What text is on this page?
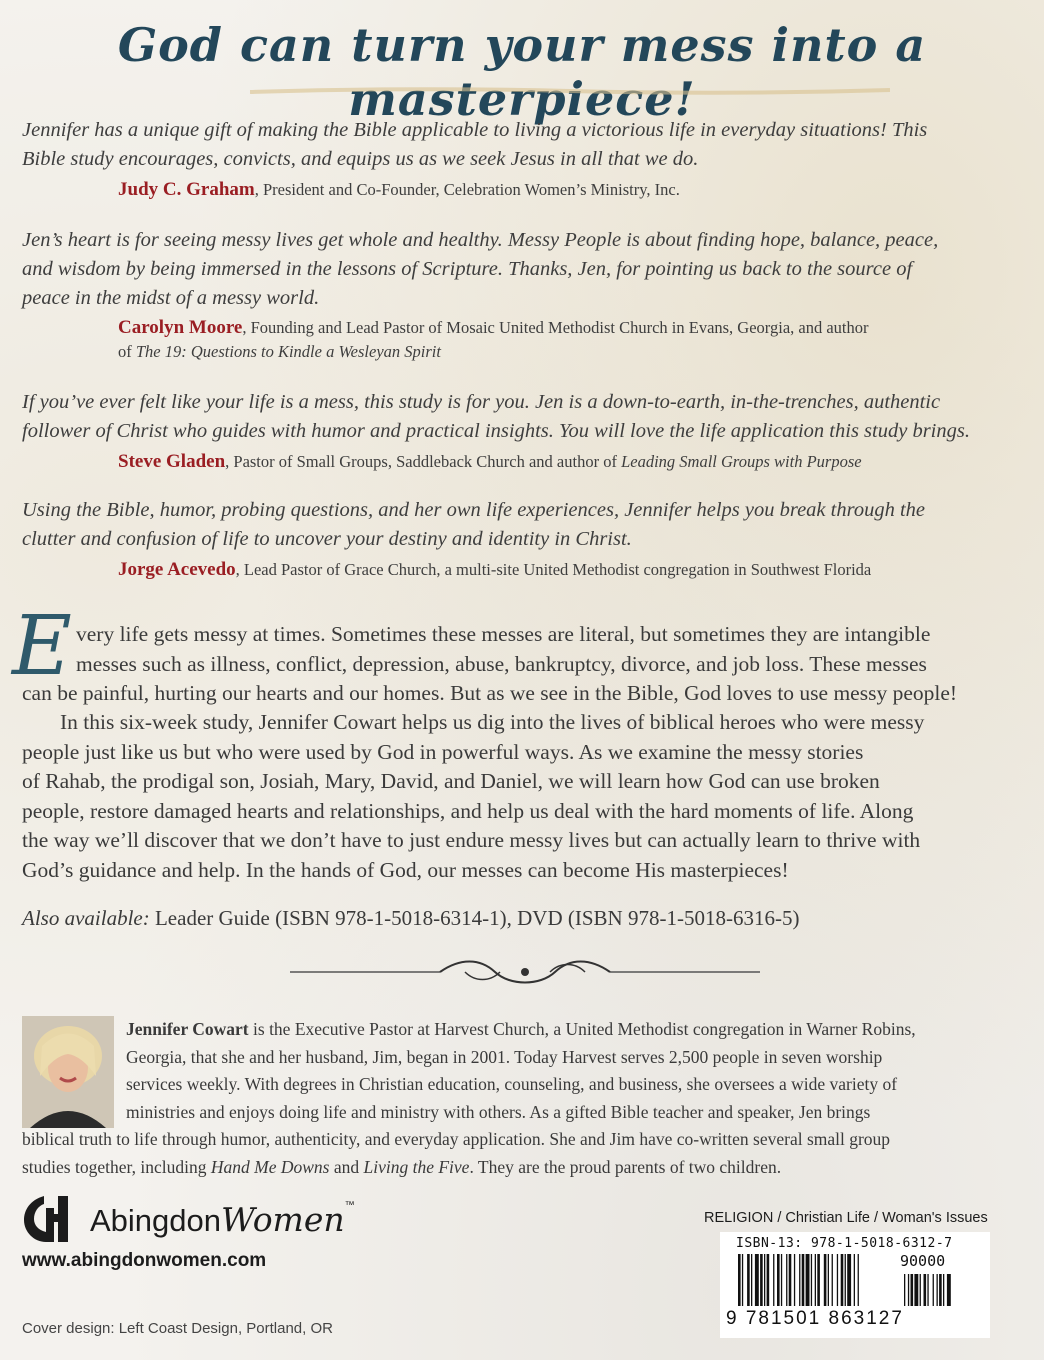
God can turn your mess into a masterpiece!
Jennifer has a unique gift of making the Bible applicable to living a victorious life in everyday situations! This
Bible study encourages, convicts, and equips us as we seek Jesus in all that we do.
Judy C. Graham, President and Co-Founder, Celebration Women’s Ministry, Inc.
Jen’s heart is for seeing messy lives get whole and healthy. Messy People is about finding hope, balance, peace,
and wisdom by being immersed in the lessons of Scripture. Thanks, Jen, for pointing us back to the source of
peace in the midst of a messy world.
Carolyn Moore, Founding and Lead Pastor of Mosaic United Methodist Church in Evans, Georgia, and author
of The 19: Questions to Kindle a Wesleyan Spirit
If you’ve ever felt like your life is a mess, this study is for you. Jen is a down-to-earth, in-the-trenches, authentic
follower of Christ who guides with humor and practical insights. You will love the life application this study brings.
Steve Gladen, Pastor of Small Groups, Saddleback Church and author of Leading Small Groups with Purpose
Using the Bible, humor, probing questions, and her own life experiences, Jennifer helps you break through the
clutter and confusion of life to uncover your destiny and identity in Christ.
Jorge Acevedo, Lead Pastor of Grace Church, a multi-site United Methodist congregation in Southwest Florida
E very life gets messy at times. Sometimes these messes are literal, but sometimes they are intangible
messes such as illness, conflict, depression, abuse, bankruptcy, divorce, and job loss. These messes
can be painful, hurting our hearts and our homes. But as we see in the Bible, God loves to use messy people!
In this six-week study, Jennifer Cowart helps us dig into the lives of biblical heroes who were messy
people just like us but who were used by God in powerful ways. As we examine the messy stories
of Rahab, the prodigal son, Josiah, Mary, David, and Daniel, we will learn how God can use broken
people, restore damaged hearts and relationships, and help us deal with the hard moments of life. Along
the way we’ll discover that we don’t have to just endure messy lives but can actually learn to thrive with
God’s guidance and help. In the hands of God, our messes can become His masterpieces!
Also available: Leader Guide (ISBN 978-1-5018-6314-1), DVD (ISBN 978-1-5018-6316-5)
Jennifer Cowart is the Executive Pastor at Harvest Church, a United Methodist congregation in Warner Robins,
Georgia, that she and her husband, Jim, began in 2001. Today Harvest serves 2,500 people in seven worship
services weekly. With degrees in Christian education, counseling, and business, she oversees a wide variety of
ministries and enjoys doing life and ministry with others. As a gifted Bible teacher and speaker, Jen brings
biblical truth to life through humor, authenticity, and everyday application. She and Jim have co-written several small group
studies together, including Hand Me Downs and Living the Five. They are the proud parents of two children.
AbingdonWomen™
www.abingdonwomen.com
Cover design: Left Coast Design, Portland, OR
RELIGION / Christian Life / Woman's Issues
ISBN-13: 978-1-5018-6312-7
90000
9 781501 863127
